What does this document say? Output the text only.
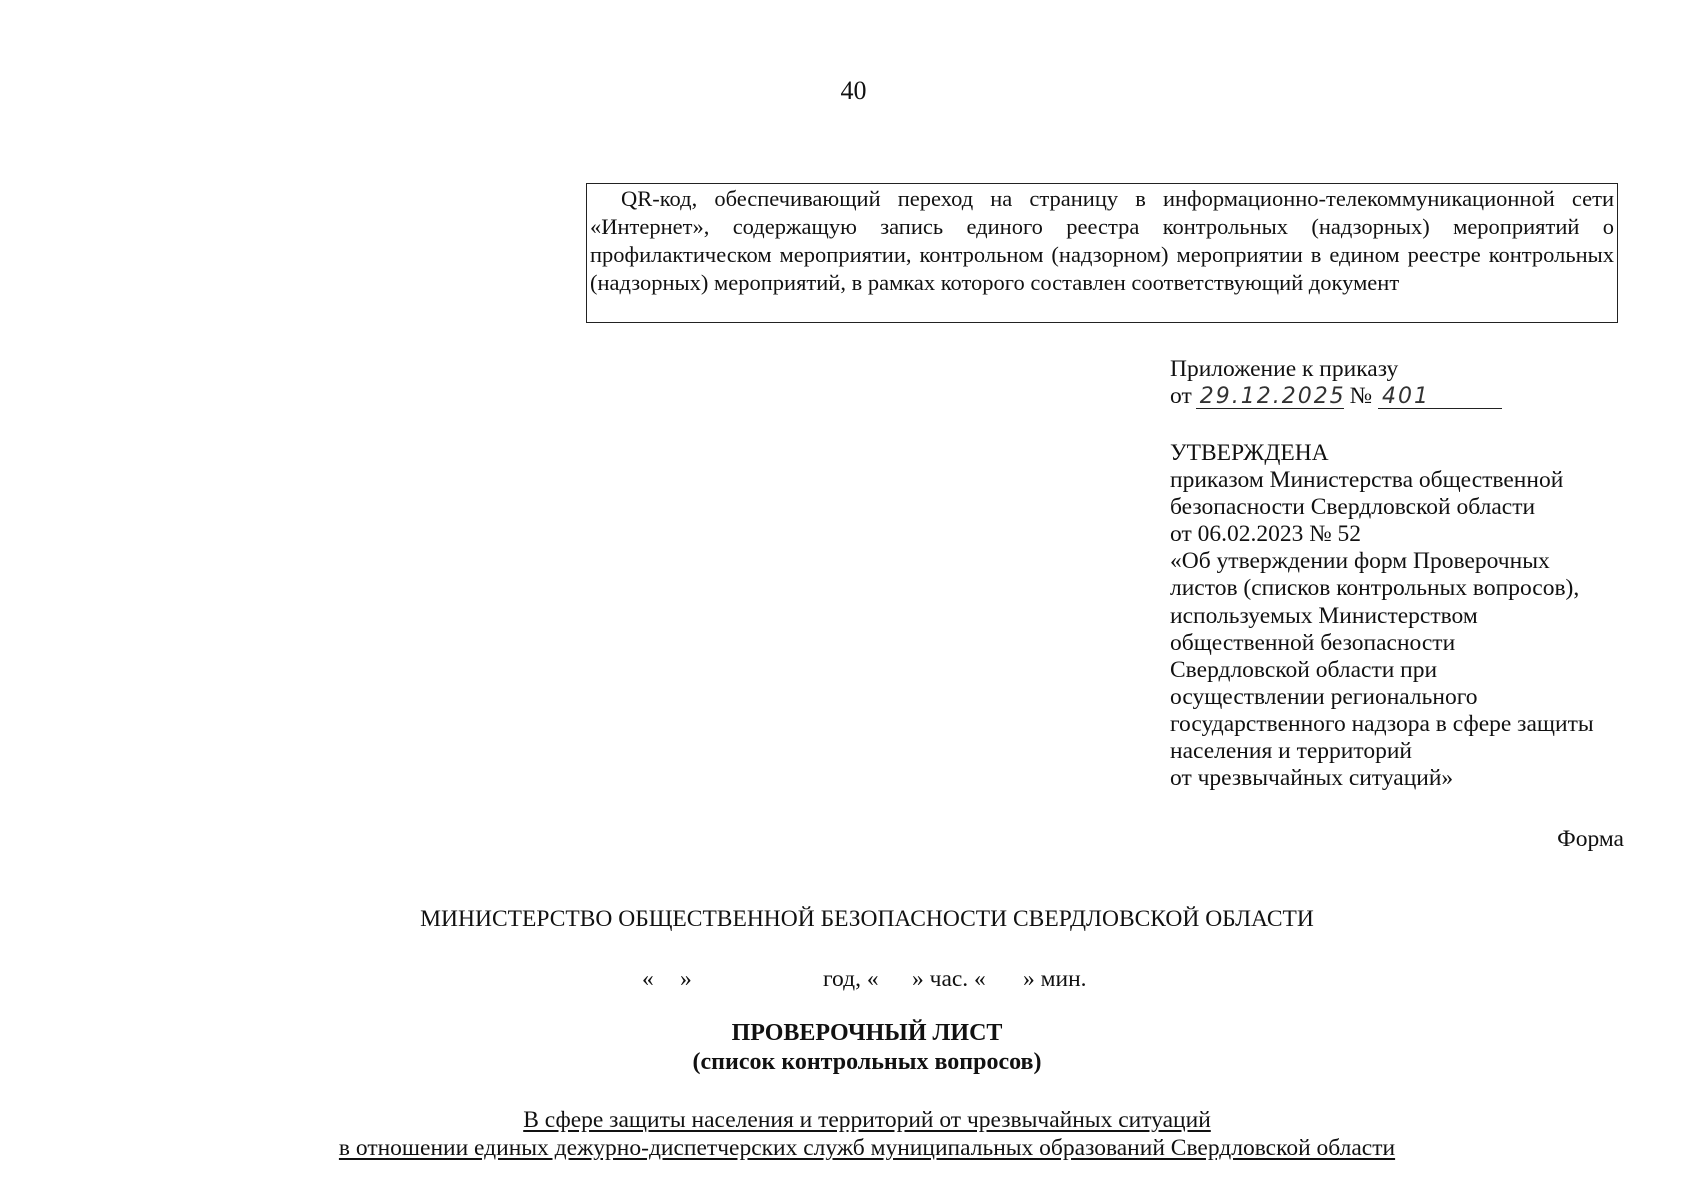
40
QR-код, обеспечивающий переход на страницу в информационно-телекоммуникационной сети «Интернет», содержащую запись единого реестра контрольных (надзорных) мероприятий о профилактическом мероприятии, контрольном (надзорном) мероприятии в едином реестре контрольных (надзорных) мероприятий, в рамках которого составлен соответствующий документ
Приложение к приказу
от 29.12.2025 № 401
УТВЕРЖДЕНА
приказом Министерства общественной
безопасности Свердловской области
от 06.02.2023 № 52
«Об утверждении форм Проверочных
листов (списков контрольных вопросов),
используемых Министерством
общественной безопасности
Свердловской области при
осуществлении регионального
государственного надзора в сфере защиты
населения и территорий
от чрезвычайных ситуаций»
Форма
МИНИСТЕРСТВО ОБЩЕСТВЕННОЙ БЕЗОПАСНОСТИ СВЕРДЛОВСКОЙ ОБЛАСТИ
« »	год, « » час. « » мин.
ПРОВЕРОЧНЫЙ ЛИСТ
(список контрольных вопросов)
В сфере защиты населения и территорий от чрезвычайных ситуаций
в отношении единых дежурно-диспетчерских служб муниципальных образований Свердловской области
